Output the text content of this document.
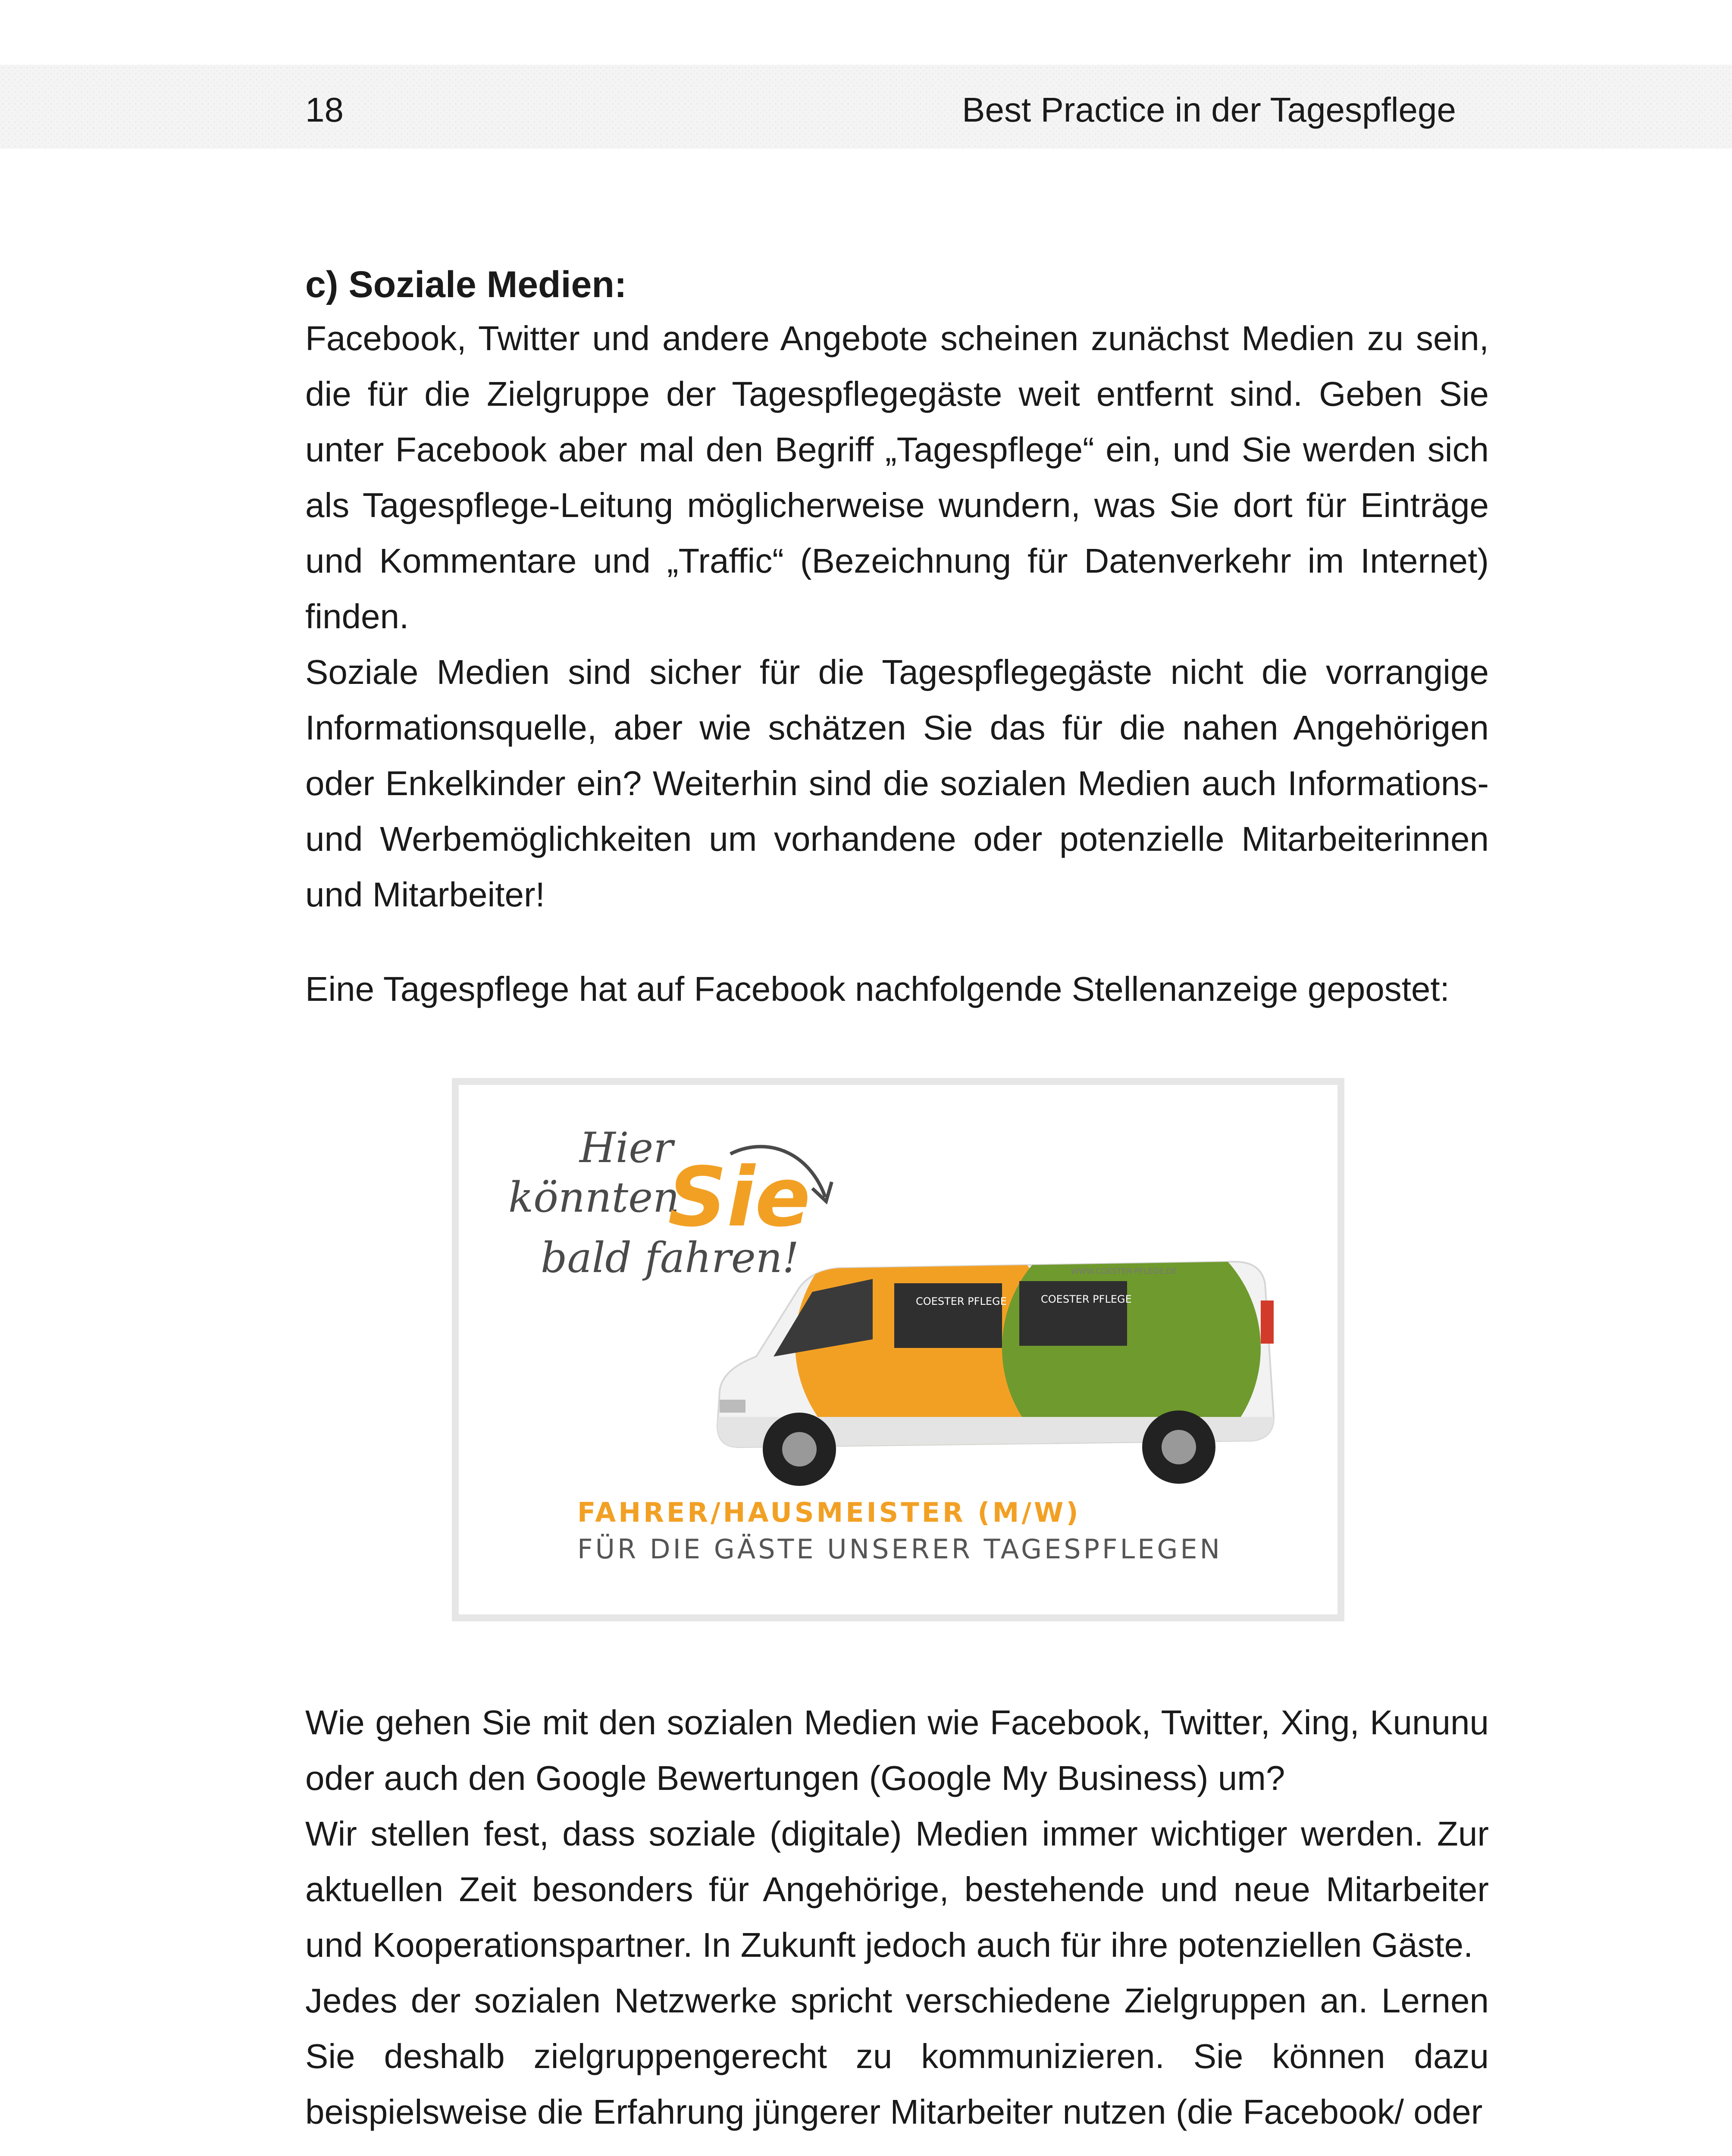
18	Best Practice in der Tagespflege
c) Soziale Medien:

Facebook, Twitter und andere Angebote scheinen zunächst Medien zu sein, die für die Zielgruppe der Tagespflegegäste weit entfernt sind. Geben Sie unter Facebook aber mal den Begriff „Tagespflege“ ein, und Sie werden sich als Tagespflege-Leitung möglicherweise wundern, was Sie dort für Einträge und Kommentare und „Traffic“ (Bezeichnung für Datenverkehr im Internet) finden.

Soziale Medien sind sicher für die Tagespflegegäste nicht die vorrangige Informationsquelle, aber wie schätzen Sie das für die nahen Angehörigen oder Enkelkinder ein? Weiterhin sind die sozialen Medien auch Informations- und Werbemöglichkeiten um vorhandene oder potenzielle Mitarbeiterinnen und Mitarbeiter!

Eine Tagespflege hat auf Facebook nachfolgende Stellenanzeige gepostet:

Hier
könnten
Sie
bald fahren!
COESTER PFLEGE	COESTER PFLEGE
WWW.COESTER-PFLEGE.DE
FAHRER/HAUSMEISTER (M/W)
FÜR DIE GÄSTE UNSERER TAGESPFLEGEN

Wie gehen Sie mit den sozialen Medien wie Facebook, Twitter, Xing, Kununu oder auch den Google Bewertungen (Google My Business) um?

Wir stellen fest, dass soziale (digitale) Medien immer wichtiger werden. Zur aktuellen Zeit besonders für Angehörige, bestehende und neue Mitarbeiter und Kooperationspartner. In Zukunft jedoch auch für ihre potenziellen Gäste.

Jedes der sozialen Netzwerke spricht verschiedene Zielgruppen an. Lernen Sie deshalb zielgruppengerecht zu kommunizieren. Sie können dazu beispielsweise die Erfahrung jüngerer Mitarbeiter nutzen (die Facebook/ oder
